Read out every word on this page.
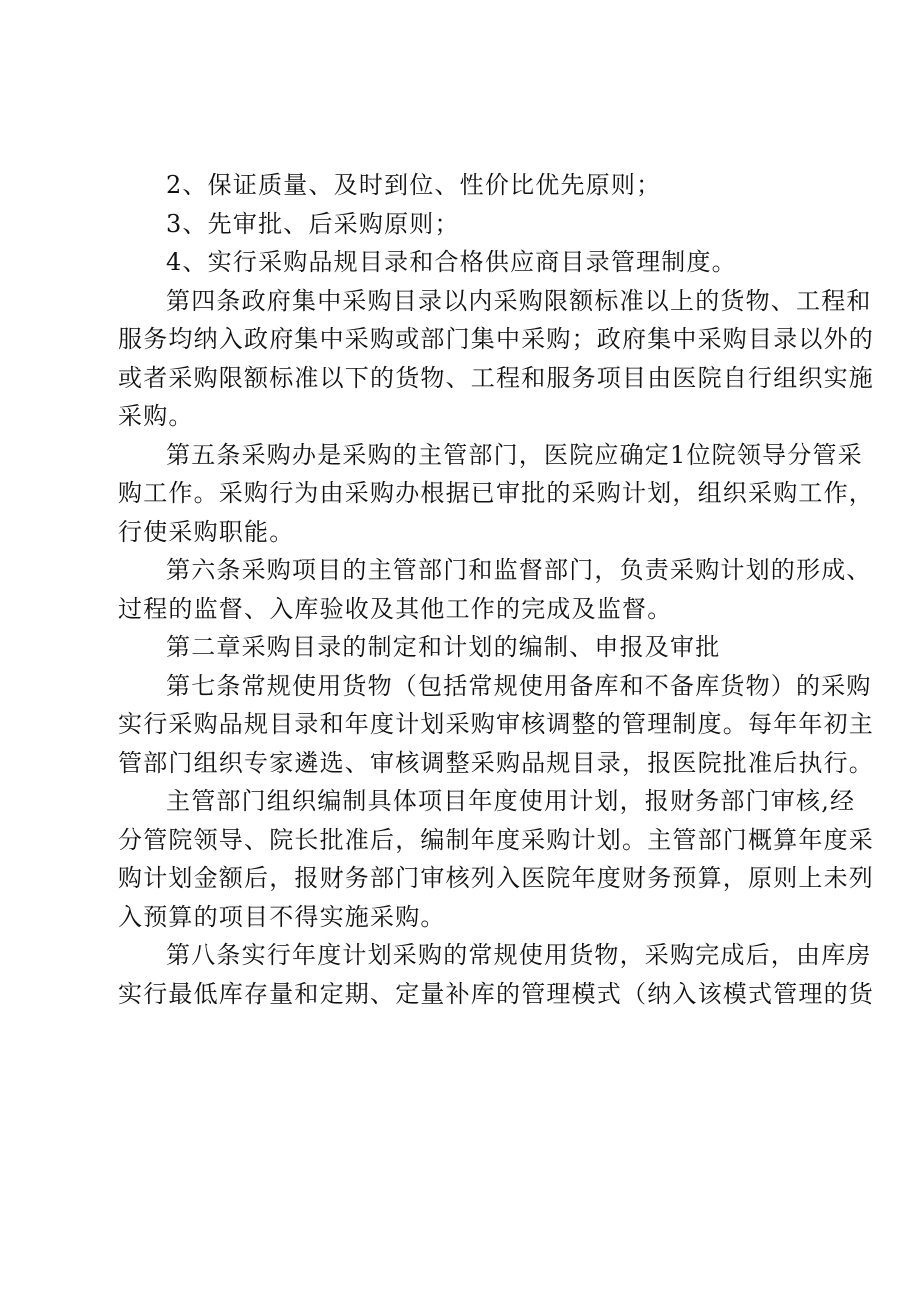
2、保证质量、及时到位、性价比优先原则；

3、先审批、后采购原则；

4、实行采购品规目录和合格供应商目录管理制度。

第四条政府集中采购目录以内采购限额标准以上的货物、工程和
服务均纳入政府集中采购或部门集中采购；政府集中采购目录以外的
或者采购限额标准以下的货物、工程和服务项目由医院自行组织实施
采购。

第五条采购办是采购的主管部门，医院应确定1位院领导分管采
购工作。采购行为由采购办根据已审批的采购计划，组织采购工作，
行使采购职能。

第六条采购项目的主管部门和监督部门，负责采购计划的形成、
过程的监督、入库验收及其他工作的完成及监督。

第二章采购目录的制定和计划的编制、申报及审批

第七条常规使用货物（包括常规使用备库和不备库货物）的采购
实行采购品规目录和年度计划采购审核调整的管理制度。每年年初主
管部门组织专家遴选、审核调整采购品规目录，报医院批准后执行。

主管部门组织编制具体项目年度使用计划，报财务部门审核,经
分管院领导、院长批准后，编制年度采购计划。主管部门概算年度采
购计划金额后，报财务部门审核列入医院年度财务预算，原则上未列
入预算的项目不得实施采购。

第八条实行年度计划采购的常规使用货物，采购完成后，由库房
实行最低库存量和定期、定量补库的管理模式（纳入该模式管理的货
